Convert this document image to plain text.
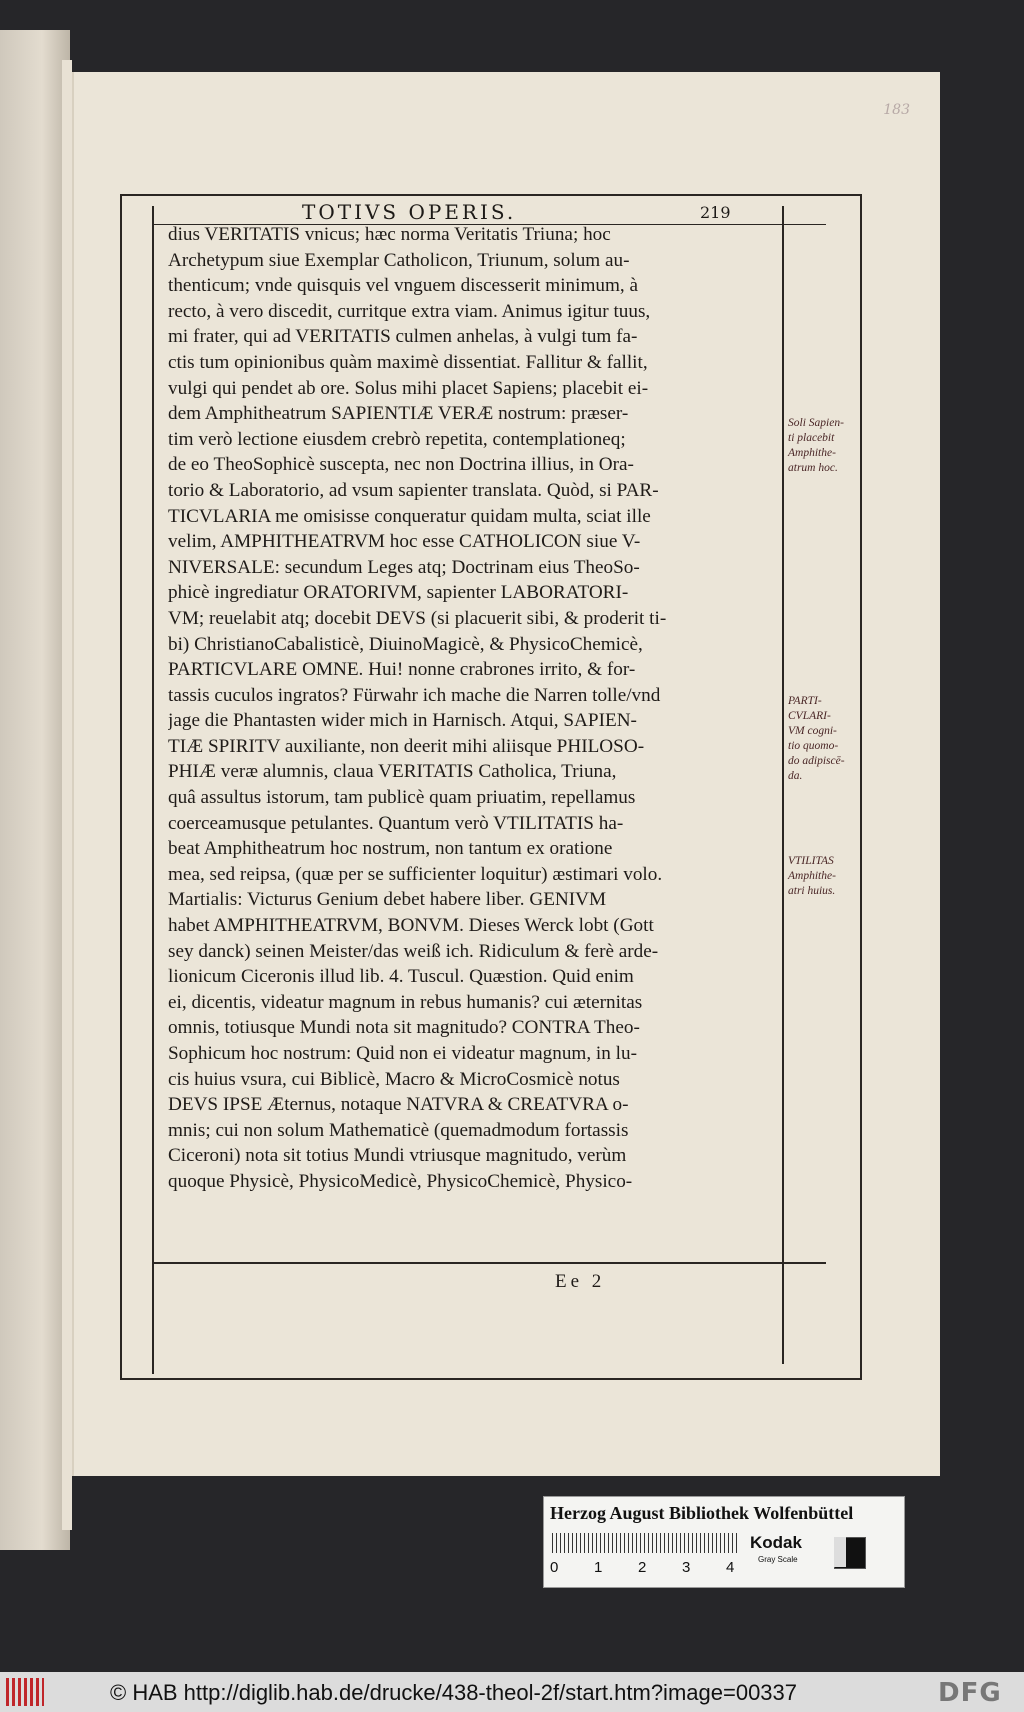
183
TOTIVS OPERIS.	219
dius VERITATIS vnicus; hæc norma Veritatis Triuna; hoc
Archetypum siue Exemplar Catholicon, Triunum, solum au-
thenticum; vnde quisquis vel vnguem discesserit minimum, à
recto, à vero discedit, curritque extra viam. Animus igitur tuus,
mi frater, qui ad VERITATIS culmen anhelas, à vulgi tum fa-
ctis tum opinionibus quàm maximè dissentiat. Fallitur & fallit,
vulgi qui pendet ab ore. Solus mihi placet Sapiens; placebit ei-
dem Amphitheatrum SAPIENTIÆ VERÆ nostrum: præser-
tim verò lectione eiusdem crebrò repetita, contemplationeq;
de eo TheoSophicè suscepta, nec non Doctrina illius, in Ora-
torio & Laboratorio, ad vsum sapienter translata. Quòd, si PAR-
TICVLARIA me omisisse conqueratur quidam multa, sciat ille
velim, AMPHITHEATRVM hoc esse CATHOLICON siue V-
NIVERSALE: secundum Leges atq; Doctrinam eius TheoSo-
phicè ingrediatur ORATORIVM, sapienter LABORATORI-
VM; reuelabit atq; docebit DEVS (si placuerit sibi, & proderit ti-
bi) ChristianoCabalisticè, DiuinoMagicè, & PhysicoChemicè,
PARTICVLARE OMNE. Hui! nonne crabrones irrito, & for-
tassis cuculos ingratos? Fürwahr ich mache die Narren tolle/vnd
jage die Phantasten wider mich in Harnisch. Atqui, SAPIEN-
TIÆ SPIRITV auxiliante, non deerit mihi aliisque PHILOSO-
PHIÆ veræ alumnis, claua VERITATIS Catholica, Triuna,
quâ assultus istorum, tam publicè quam priuatim, repellamus
coerceamusque petulantes. Quantum verò VTILITATIS ha-
beat Amphitheatrum hoc nostrum, non tantum ex oratione
mea, sed reipsa, (quæ per se sufficienter loquitur) æstimari volo.
Martialis: Victurus Genium debet habere liber. GENIVM
habet AMPHITHEATRVM, BONVM. Dieses Werck lobt (Gott
sey danck) seinen Meister/das weiß ich. Ridiculum & ferè arde-
lionicum Ciceronis illud lib. 4. Tuscul. Quæstion. Quid enim
ei, dicentis, videatur magnum in rebus humanis? cui æternitas
omnis, totiusque Mundi nota sit magnitudo? CONTRA Theo-
Sophicum hoc nostrum: Quid non ei videatur magnum, in lu-
cis huius vsura, cui Biblicè, Macro & MicroCosmicè notus
DEVS IPSE Æternus, notaque NATVRA & CREATVRA o-
mnis; cui non solum Mathematicè (quemadmodum fortassis
Ciceroni) nota sit totius Mundi vtriusque magnitudo, verùm
quoque Physicè, PhysicoMedicè, PhysicoChemicè, Physico-
Ee 2
Soli Sapien-
ti placebit
Amphithe-
atrum hoc.
PARTI-
CVLARI-
VM cogni-
tio quomo-
do adipiscē-
da.
VTILITAS
Amphithe-
atri huius.
Herzog August Bibliothek Wolfenbüttel
0 1 2 3 4
Kodak
Gray Scale
© HAB http://diglib.hab.de/drucke/438-theol-2f/start.htm?image=00337	DFG
